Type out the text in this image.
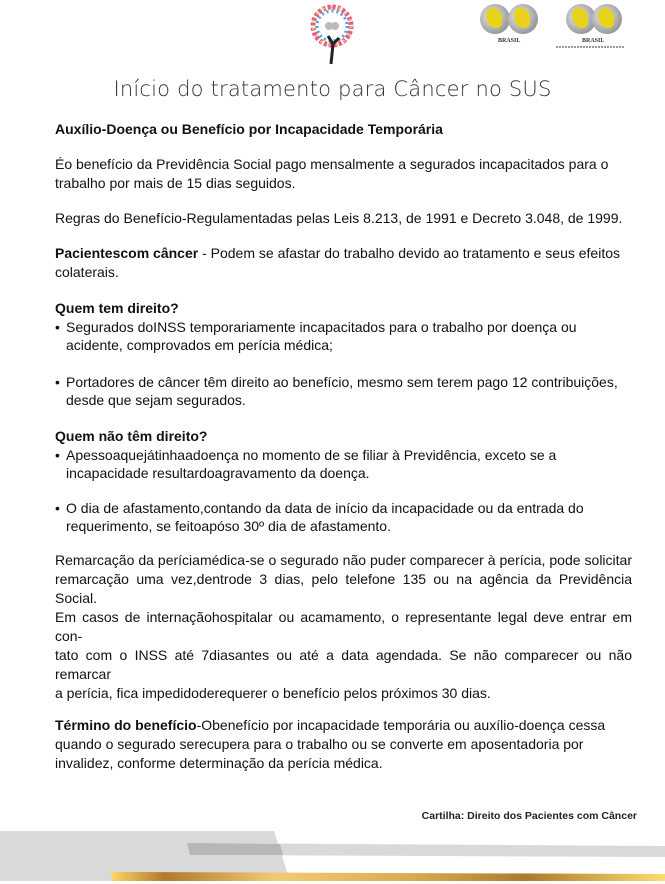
BRASIL	BRASIL
Início do tratamento para Câncer no SUS
Auxílio-Doença ou Benefício por Incapacidade Temporária
Éo benefício da Previdência Social pago mensalmente a segurados incapacitados para o
trabalho por mais de 15 dias seguidos.
Regras do Benefício-Regulamentadas pelas Leis 8.213, de 1991 e Decreto 3.048, de 1999.
Pacientescom câncer - Podem se afastar do trabalho devido ao tratamento e seus efeitos
colaterais.
Quem tem direito?
• Segurados doINSS temporariamente incapacitados para o trabalho por doença ou
acidente, comprovados em perícia médica;
• Portadores de câncer têm direito ao benefício, mesmo sem terem pago 12 contribuições,
desde que sejam segurados.
Quem não têm direito?
• Apessoaquejátinhaadoença no momento de se filiar à Previdência, exceto se a
incapacidade resultardoagravamento da doença.
• O dia de afastamento,contando da data de início da incapacidade ou da entrada do
requerimento, se feitoapóso 30º dia de afastamento.
Remarcação da períciamédica-se o segurado não puder comparecer à perícia, pode solicitar
remarcação uma vez,dentrode 3 dias, pelo telefone 135 ou na agência da Previdência Social.
Em casos de internaçãohospitalar ou acamamento, o representante legal deve entrar em con-
tato com o INSS até 7diasantes ou até a data agendada. Se não comparecer ou não remarcar
a perícia, fica impedidoderequerer o benefício pelos próximos 30 dias.
Término do benefício-Obenefício por incapacidade temporária ou auxílio-doença cessa
quando o segurado serecupera para o trabalho ou se converte em aposentadoria por
invalidez, conforme determinação da perícia médica.
Cartilha: Direito dos Pacientes com Câncer
